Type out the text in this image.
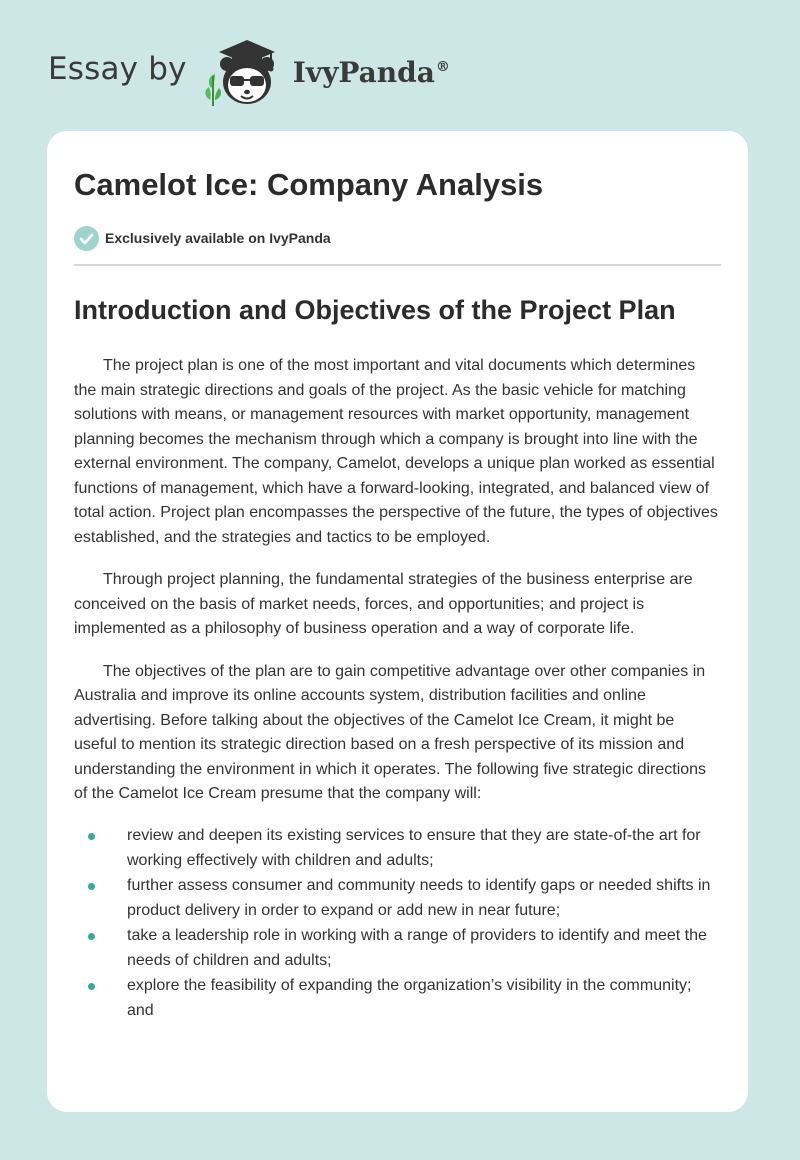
Essay by	IvyPanda®
Camelot Ice: Company Analysis
Exclusively available on IvyPanda
Introduction and Objectives of the Project Plan

The project plan is one of the most important and vital documents which determines the main strategic directions and goals of the project. As the basic vehicle for matching solutions with means, or management resources with market opportunity, management planning becomes the mechanism through which a company is brought into line with the external environment. The company, Camelot, develops a unique plan worked as essential functions of management, which have a forward-looking, integrated, and balanced view of total action. Project plan encompasses the perspective of the future, the types of objectives established, and the strategies and tactics to be employed.

Through project planning, the fundamental strategies of the business enterprise are conceived on the basis of market needs, forces, and opportunities; and project is implemented as a philosophy of business operation and a way of corporate life.

The objectives of the plan are to gain competitive advantage over other companies in Australia and improve its online accounts system, distribution facilities and online advertising. Before talking about the objectives of the Camelot Ice Cream, it might be useful to mention its strategic direction based on a fresh perspective of its mission and understanding the environment in which it operates. The following five strategic directions of the Camelot Ice Cream presume that the company will:

review and deepen its existing services to ensure that they are state-of-the art for working effectively with children and adults;
further assess consumer and community needs to identify gaps or needed shifts in product delivery in order to expand or add new in near future;
take a leadership role in working with a range of providers to identify and meet the needs of children and adults;
explore the feasibility of expanding the organization’s visibility in the community; and
